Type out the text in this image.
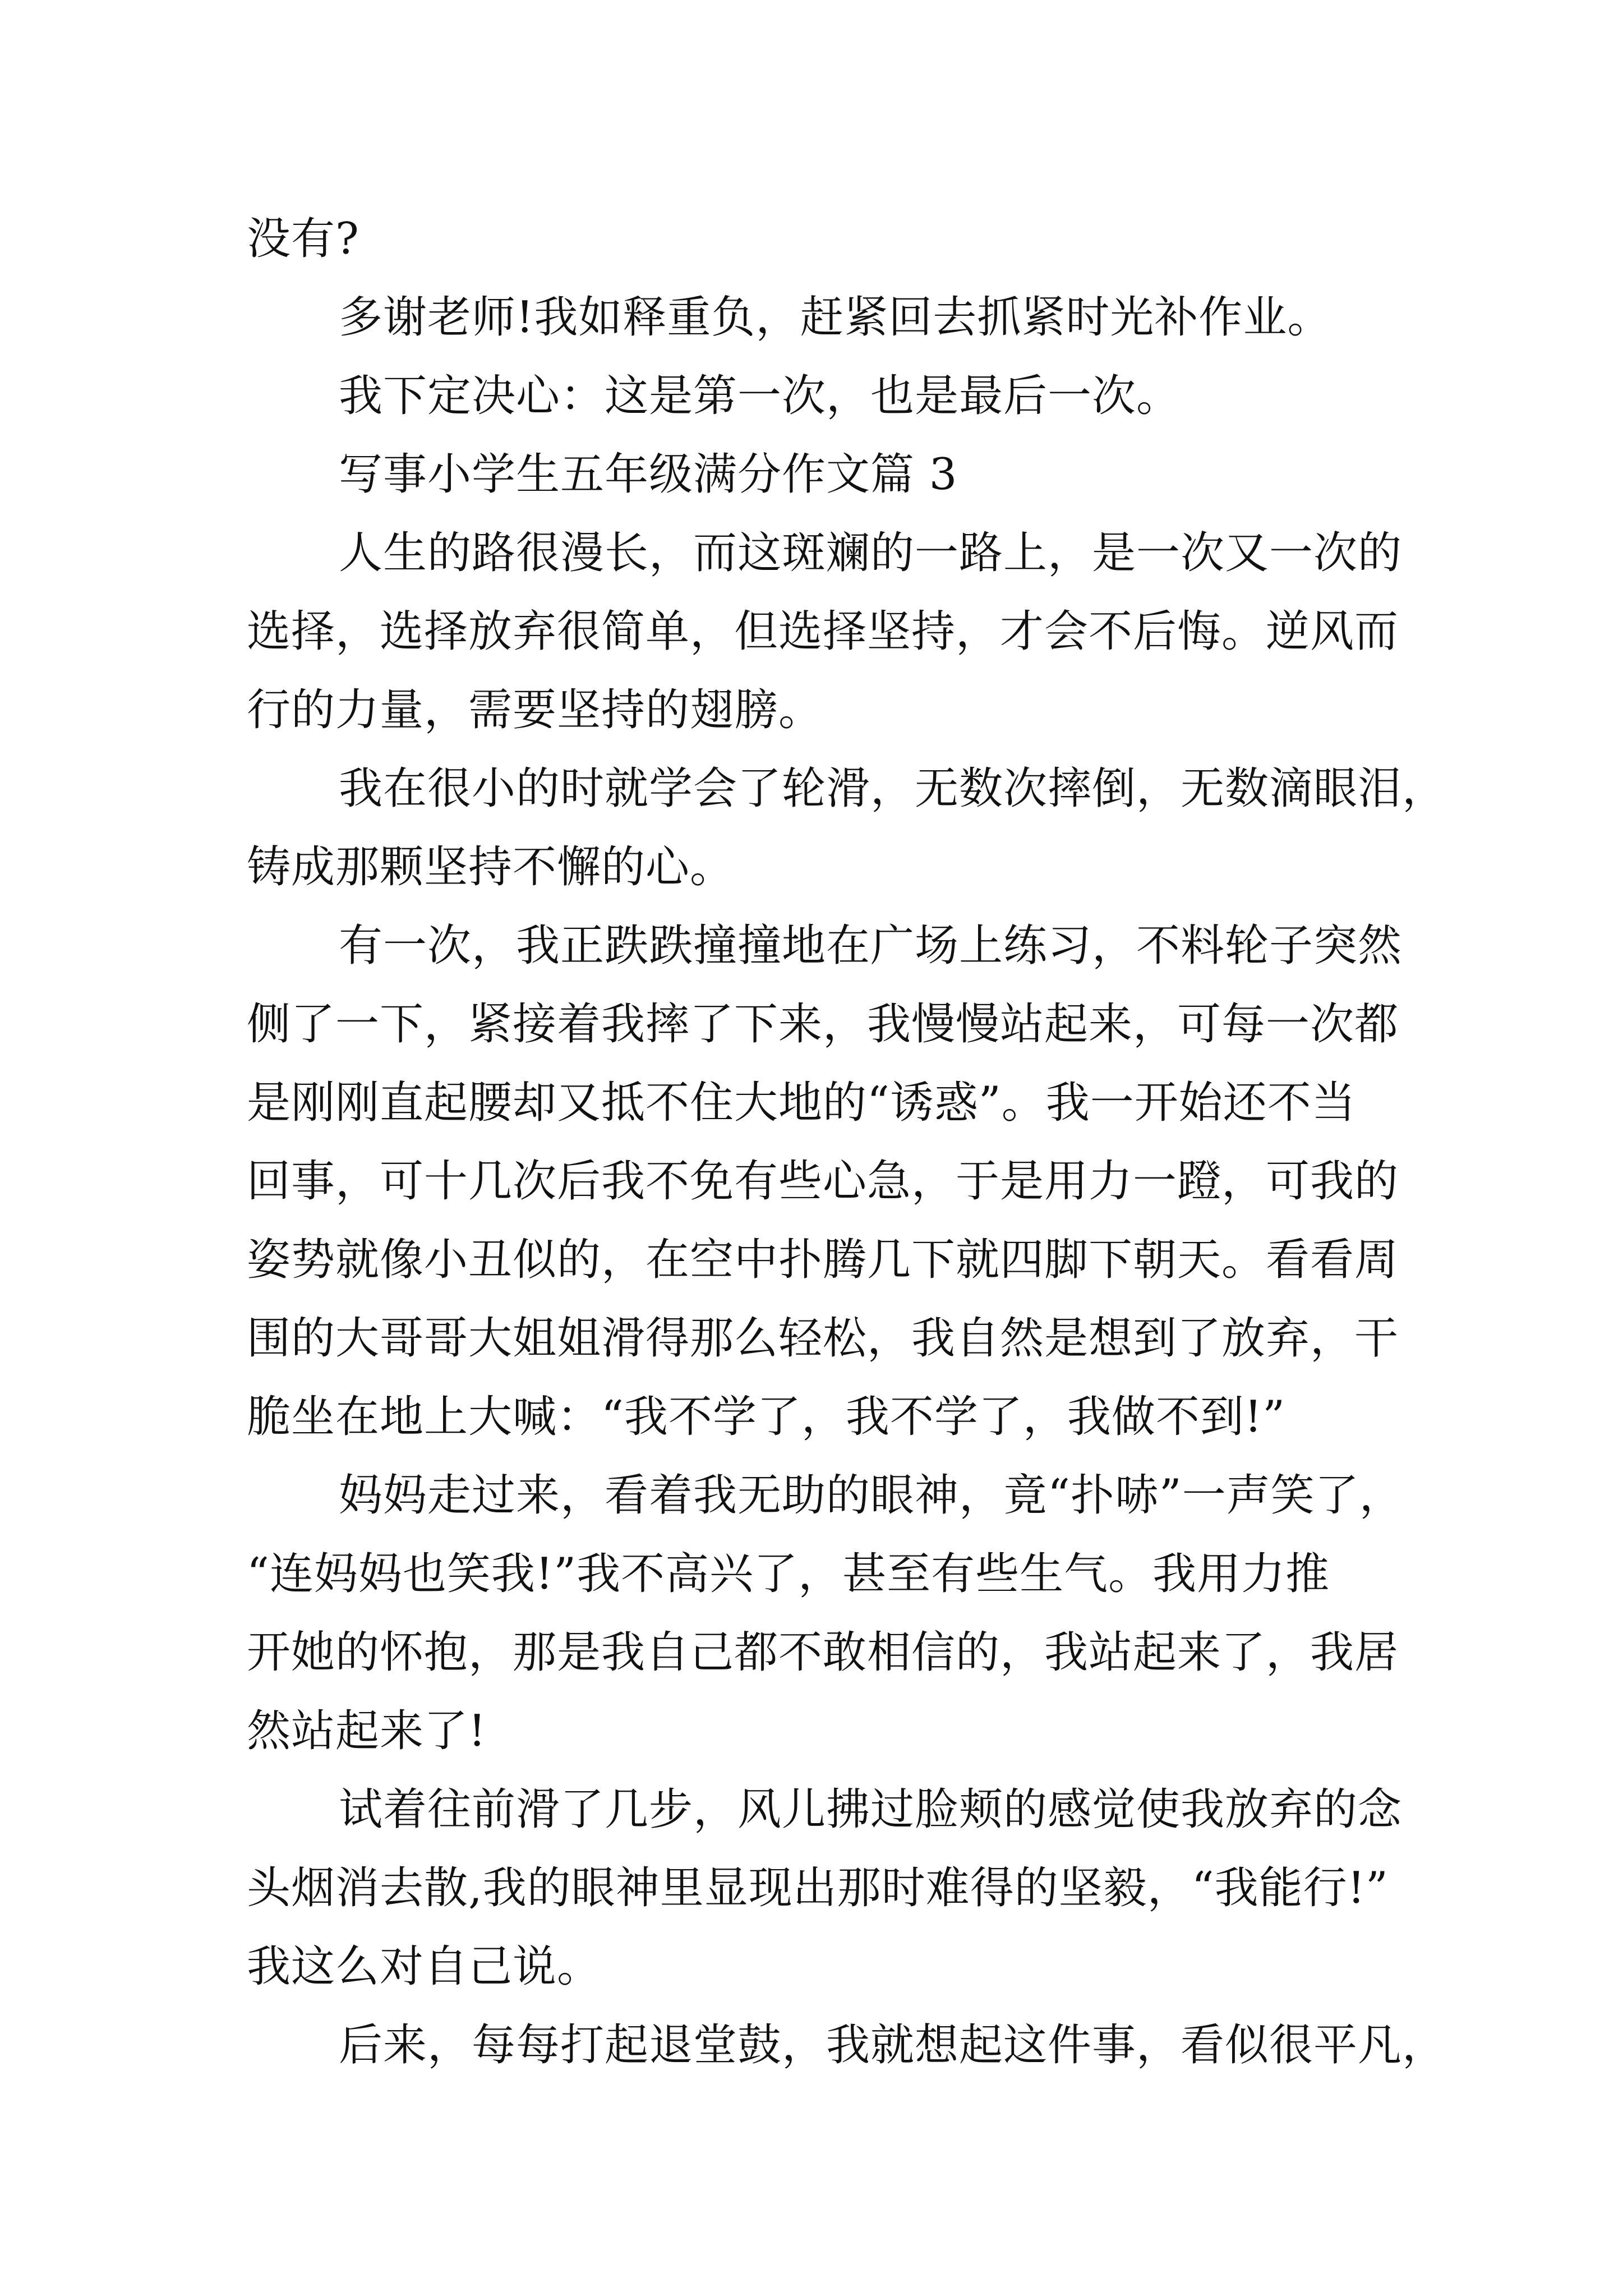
没有?
多谢老师!我如释重负，赶紧回去抓紧时光补作业。
我下定决心：这是第一次，也是最后一次。
写事小学生五年级满分作文篇 3
人生的路很漫长，而这斑斓的一路上，是一次又一次的
选择，选择放弃很简单，但选择坚持，才会不后悔。逆风而
行的力量，需要坚持的翅膀。
我在很小的时就学会了轮滑，无数次摔倒，无数滴眼泪，
铸成那颗坚持不懈的心。
有一次，我正跌跌撞撞地在广场上练习，不料轮子突然
侧了一下，紧接着我摔了下来，我慢慢站起来，可每一次都
是刚刚直起腰却又抵不住大地的“诱惑”。我一开始还不当
回事，可十几次后我不免有些心急，于是用力一蹬，可我的
姿势就像小丑似的，在空中扑腾几下就四脚下朝天。看看周
围的大哥哥大姐姐滑得那么轻松，我自然是想到了放弃，干
脆坐在地上大喊：“我不学了，我不学了，我做不到!”
妈妈走过来，看着我无助的眼神，竟“扑哧”一声笑了，
“连妈妈也笑我!”我不高兴了，甚至有些生气。我用力推
开她的怀抱，那是我自己都不敢相信的，我站起来了，我居
然站起来了!
试着往前滑了几步，风儿拂过脸颊的感觉使我放弃的念
头烟消去散,我的眼神里显现出那时难得的坚毅，“我能行!”
我这么对自己说。
后来，每每打起退堂鼓，我就想起这件事，看似很平凡，
